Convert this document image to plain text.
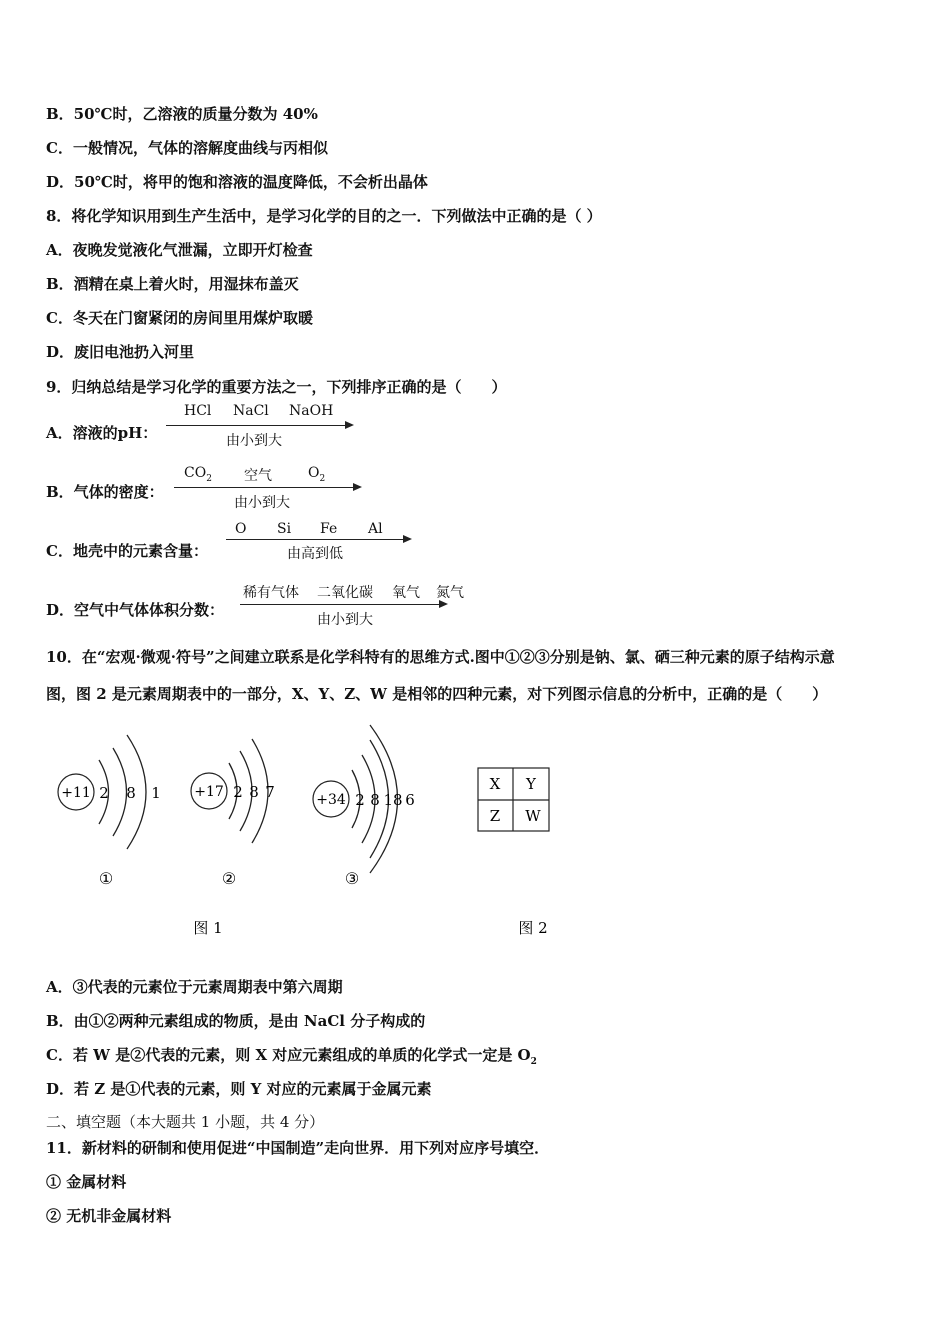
B．50℃时，乙溶液的质量分数为 40%
C．一般情况，气体的溶解度曲线与丙相似
D．50℃时，将甲的饱和溶液的温度降低，不会析出晶体
8．将化学知识用到生产生活中，是学习化学的目的之一．下列做法中正确的是（ ）
A．夜晚发觉液化气泄漏，立即开灯检查
B．酒精在桌上着火时，用湿抹布盖灭
C．冬天在门窗紧闭的房间里用煤炉取暖
D．废旧电池扔入河里
9．归纳总结是学习化学的重要方法之一，下列排序正确的是（　　）
A．溶液的pH：
HCl NaCl NaOH
由小到大
B．气体的密度：
$CO_2$ 空气	$O_2$
由小到大
C．地壳中的元素含量：
O Si Fe Al
由高到低
D．空气中气体体积分数：
稀有气体 二氧化碳 氧气 氮气
由小到大
10．在“宏观·微观·符号”之间建立联系是化学科特有的思维方式.图中①②③分别是钠、氯、硒三种元素的原子结构示意
图，图 2 是元素周期表中的一部分，X、Y、Z、W 是相邻的四种元素，对下列图示信息的分析中，正确的是（　　）
+11 2 8 1
①
+17 2 8 7
②
+34 2 8 18 6
③
X Y
Z W
图 1	图 2
A．③代表的元素位于元素周期表中第六周期
B．由①②两种元素组成的物质，是由 NaCl 分子构成的
C．若 W 是②代表的元素，则 X 对应元素组成的单质的化学式一定是 $O_2$
D．若 Z 是①代表的元素，则 Y 对应的元素属于金属元素
二、填空题（本大题共 1 小题，共 4 分）
11．新材料的研制和使用促进“中国制造”走向世界．用下列对应序号填空．
① 金属材料
② 无机非金属材料
